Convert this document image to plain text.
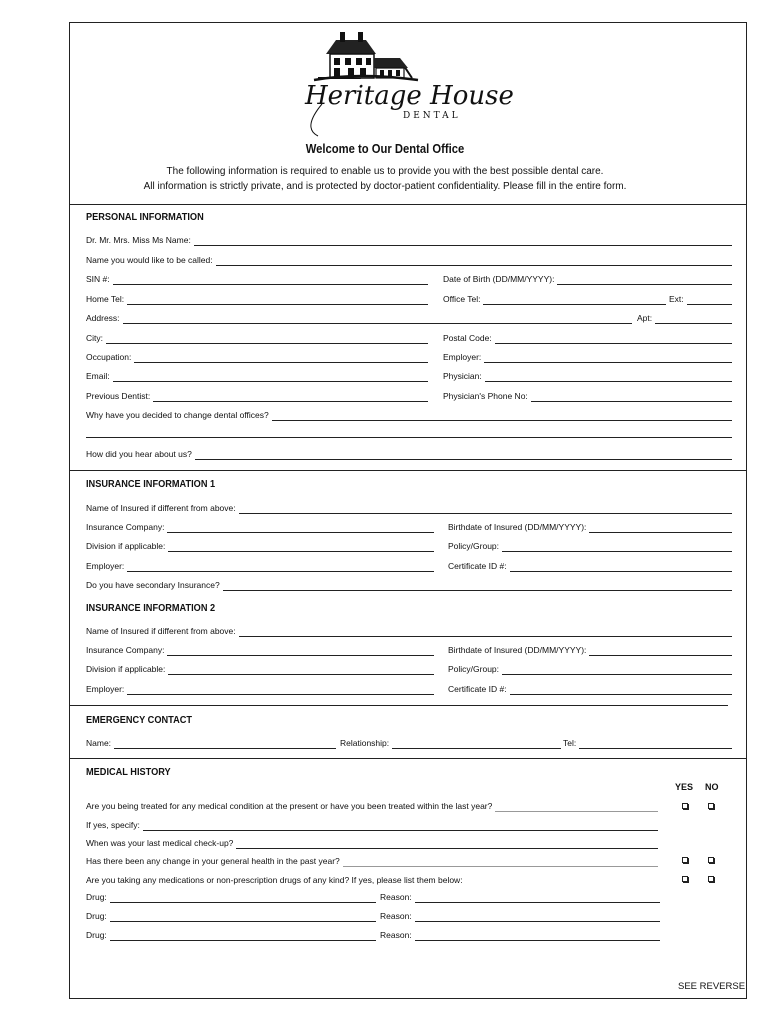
Heritage House
DENTAL
Welcome to Our Dental Office
The following information is required to enable us to provide you with the best possible dental care.
All information is strictly private, and is protected by doctor-patient confidentiality. Please fill in the entire form.
PERSONAL INFORMATION
Dr. Mr. Mrs. Miss Ms Name:
Name you would like to be called:
SIN #:	Date of Birth (DD/MM/YYYY):
Home Tel:	Office Tel:	Ext:
Address:	Apt:
City:	Postal Code:
Occupation:	Employer:
Email:	Physician:
Previous Dentist:	Physician's Phone No:
Why have you decided to change dental offices?
How did you hear about us?
INSURANCE INFORMATION 1
Name of Insured if different from above:
Insurance Company:	Birthdate of Insured (DD/MM/YYYY):
Division if applicable:	Policy/Group:
Employer:	Certificate ID #:
Do you have secondary Insurance?
INSURANCE INFORMATION 2
Name of Insured if different from above:
Insurance Company:	Birthdate of Insured (DD/MM/YYYY):
Division if applicable:	Policy/Group:
Employer:	Certificate ID #:
EMERGENCY CONTACT
Name:	Relationship:	Tel:
MEDICAL HISTORY
YES NO
Are you being treated for any medical condition at the present or have you been treated within the last year?
If yes, specify:
When was your last medical check-up?
Has there been any change in your general health in the past year?
Are you taking any medications or non-prescription drugs of any kind? If yes, please list them below:
Drug:	Reason:
Drug:	Reason:
Drug:	Reason:
SEE REVERSE
